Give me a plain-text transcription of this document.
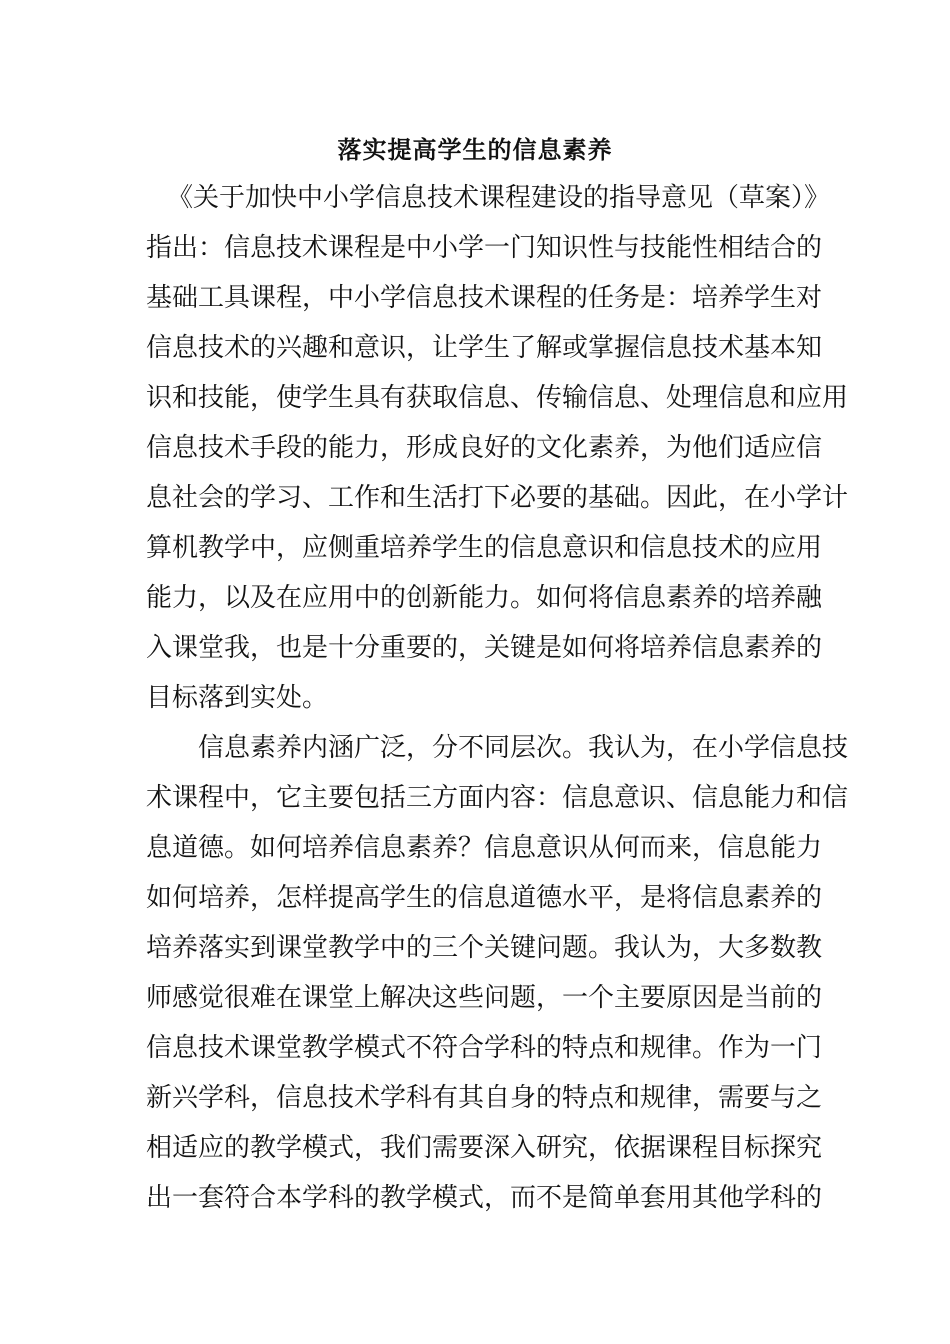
落实提高学生的信息素养
《关于加快中小学信息技术课程建设的指导意见（草案）》
指出：信息技术课程是中小学一门知识性与技能性相结合的
基础工具课程，中小学信息技术课程的任务是：培养学生对
信息技术的兴趣和意识，让学生了解或掌握信息技术基本知
识和技能，使学生具有获取信息、传输信息、处理信息和应用
信息技术手段的能力，形成良好的文化素养，为他们适应信
息社会的学习、工作和生活打下必要的基础。因此，在小学计
算机教学中，应侧重培养学生的信息意识和信息技术的应用
能力，以及在应用中的创新能力。如何将信息素养的培养融
入课堂我，也是十分重要的，关键是如何将培养信息素养的
目标落到实处。
信息素养内涵广泛，分不同层次。我认为，在小学信息技
术课程中，它主要包括三方面内容：信息意识、信息能力和信
息道德。如何培养信息素养？信息意识从何而来，信息能力
如何培养，怎样提高学生的信息道德水平，是将信息素养的
培养落实到课堂教学中的三个关键问题。我认为，大多数教
师感觉很难在课堂上解决这些问题，一个主要原因是当前的
信息技术课堂教学模式不符合学科的特点和规律。作为一门
新兴学科，信息技术学科有其自身的特点和规律，需要与之
相适应的教学模式，我们需要深入研究，依据课程目标探究
出一套符合本学科的教学模式，而不是简单套用其他学科的
